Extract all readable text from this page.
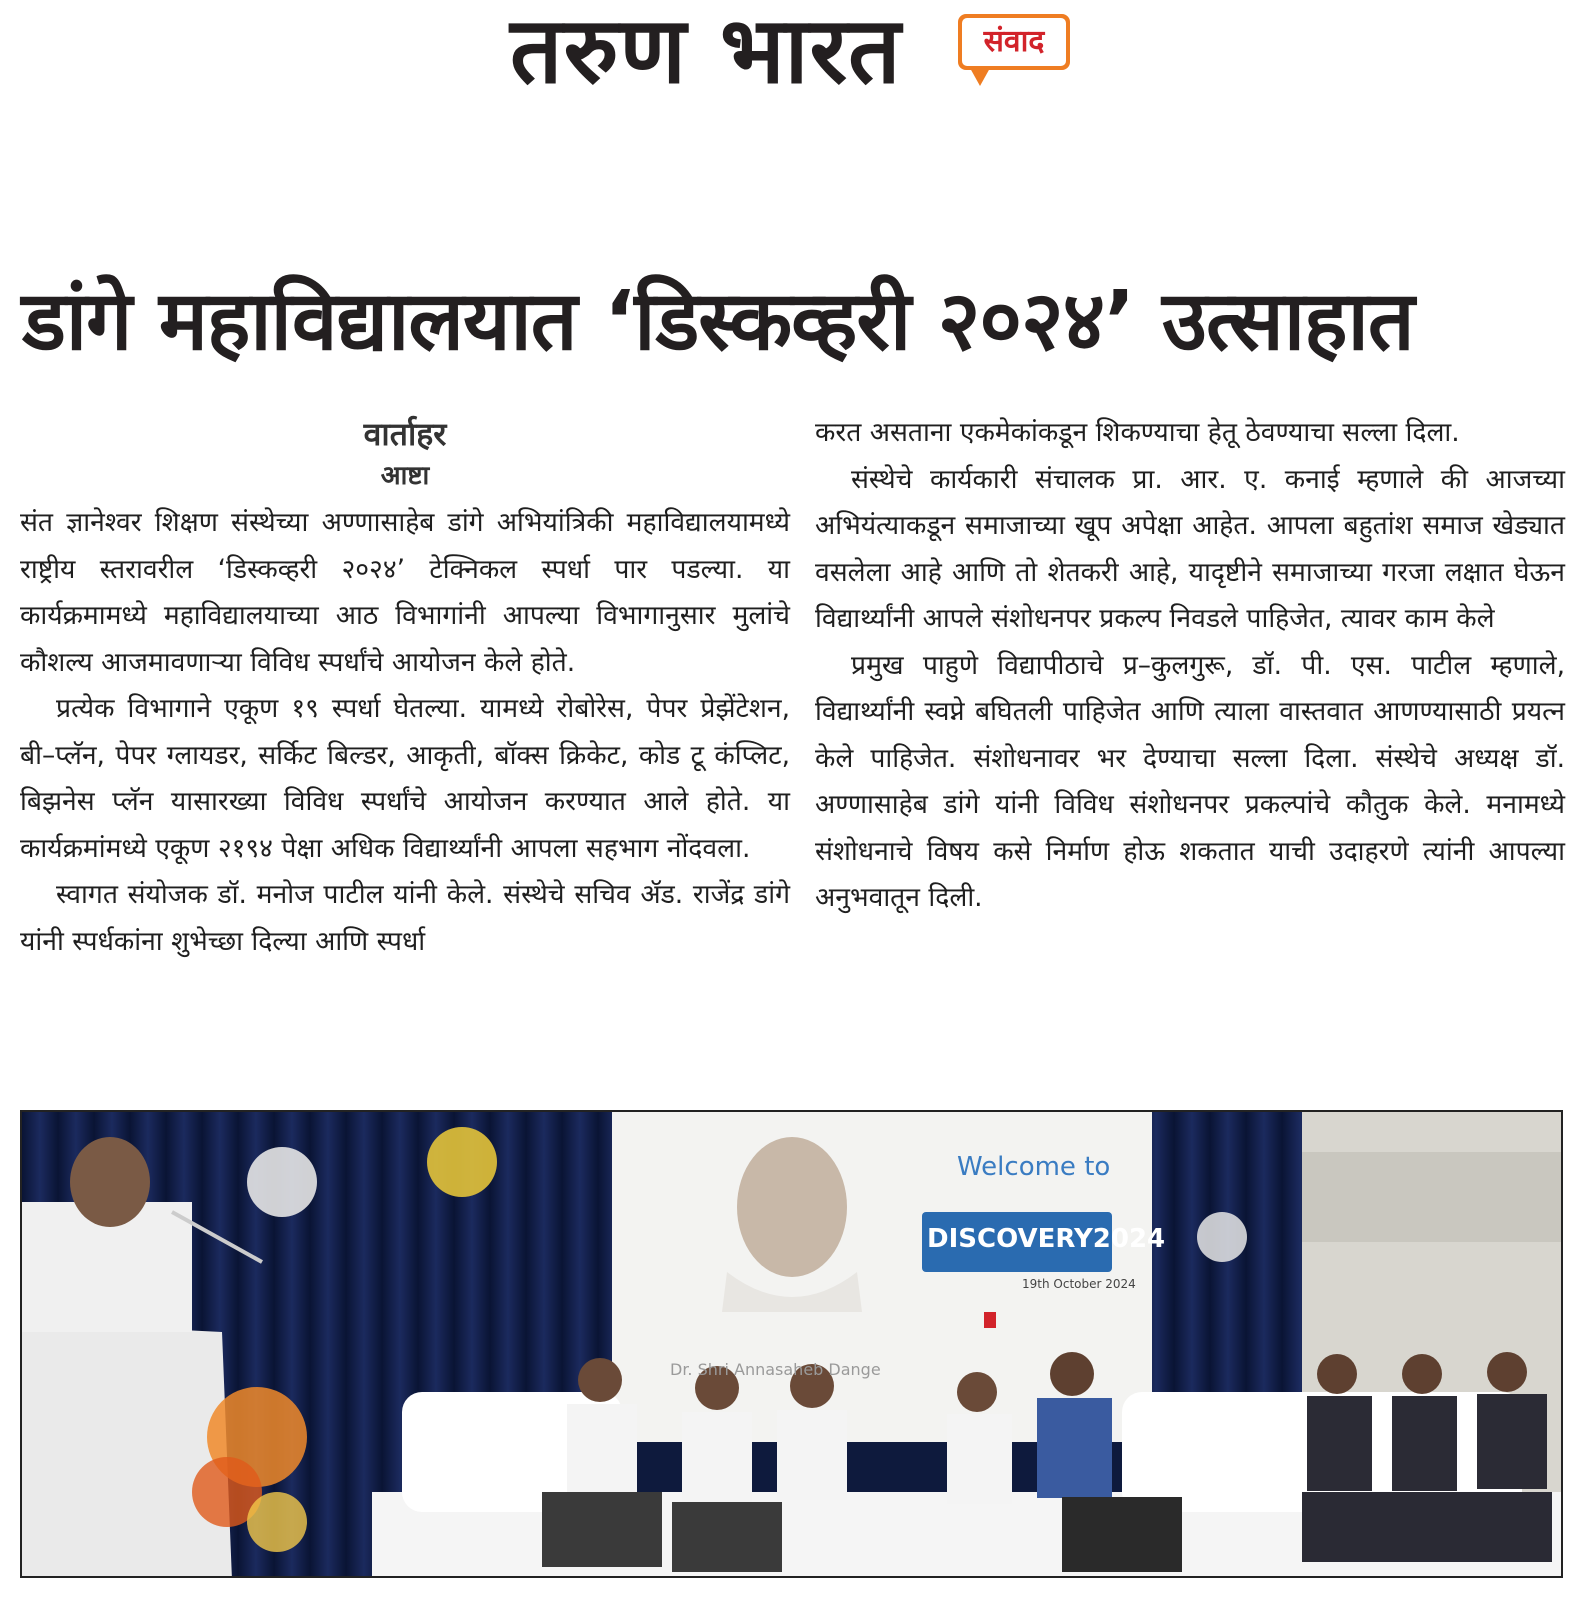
तरुण भारत	संवाद
डांगे महाविद्यालयात ‘डिस्कव्हरी २०२४’ उत्साहात
वार्ताहर
आष्टा

संत ज्ञानेश्वर शिक्षण संस्थेच्या अण्णासाहेब डांगे अभियांत्रिकी महाविद्यालयामध्ये राष्ट्रीय स्तरावरील ‘डिस्कव्हरी २०२४’ टेक्निकल स्पर्धा पार पडल्या. या कार्यक्रमामध्ये महाविद्यालयाच्या आठ विभागांनी आपल्या विभागानुसार मुलांचे कौशल्य आजमावणाऱ्या विविध स्पर्धांचे आयोजन केले होते.

प्रत्येक विभागाने एकूण १९ स्पर्धा घेतल्या. यामध्ये रोबोरेस, पेपर प्रेझेंटेशन, बी–प्लॅन, पेपर ग्लायडर, सर्किट बिल्डर, आकृती, बॉक्स क्रिकेट, कोड टू कंप्लिट, बिझनेस प्लॅन यासारख्या विविध स्पर्धांचे आयोजन करण्यात आले होते. या कार्यक्रमांमध्ये एकूण २१९४ पेक्षा अधिक विद्यार्थ्यांनी आपला सहभाग नोंदवला.

स्वागत संयोजक डॉ. मनोज पाटील यांनी केले. संस्थेचे सचिव ॲड. राजेंद्र डांगे यांनी स्पर्धकांना शुभेच्छा दिल्या आणि स्पर्धा

करत असताना एकमेकांकडून शिकण्याचा हेतू ठेवण्याचा सल्ला दिला.

संस्थेचे कार्यकारी संचालक प्रा. आर. ए. कनाई म्हणाले की आजच्या अभियंत्याकडून समाजाच्या खूप अपेक्षा आहेत. आपला बहुतांश समाज खेड्यात वसलेला आहे आणि तो शेतकरी आहे, यादृष्टीने समाजाच्या गरजा लक्षात घेऊन विद्यार्थ्यांनी आपले संशोधनपर प्रकल्प निवडले पाहिजेत, त्यावर काम केले

प्रमुख पाहुणे विद्यापीठाचे प्र–कुलगुरू, डॉ. पी. एस. पाटील म्हणाले, विद्यार्थ्यांनी स्वप्ने बघितली पाहिजेत आणि त्याला वास्तवात आणण्यासाठी प्रयत्न केले पाहिजेत. संशोधनावर भर देण्याचा सल्ला दिला. संस्थेचे अध्यक्ष डॉ. अण्णासाहेब डांगे यांनी विविध संशोधनपर प्रकल्पांचे कौतुक केले. मनामध्ये संशोधनाचे विषय कसे निर्माण होऊ शकतात याची उदाहरणे त्यांनी आपल्या अनुभवातून दिली.

Welcome to
DISCOVERY2024
19th October 2024
Dr. Shri Annasaheb Dange
